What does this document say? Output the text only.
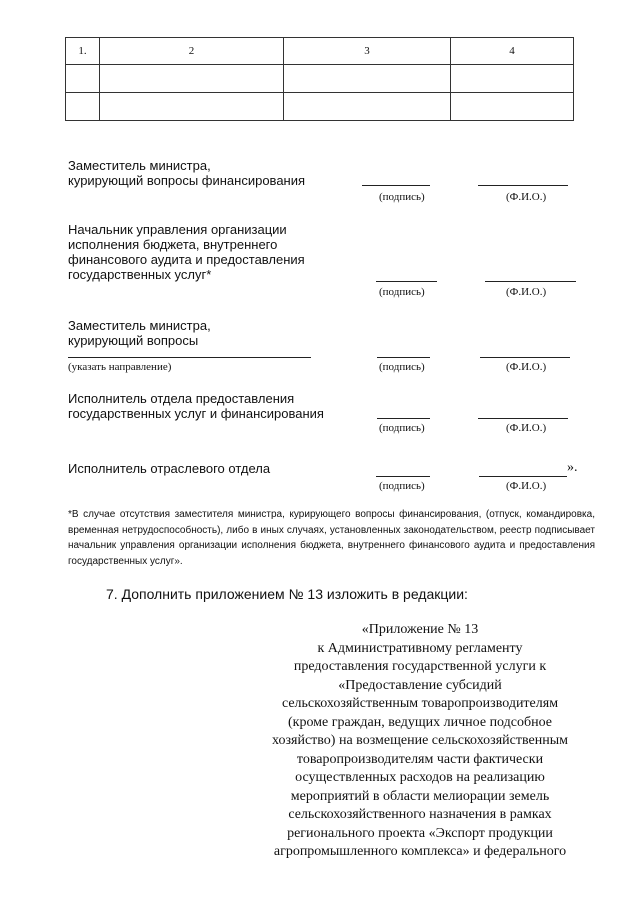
1.	2	3	4

Заместитель министра,
курирующий вопросы финансирования
(подпись)	(Ф.И.О.)
Начальник управления организации
исполнения бюджета, внутреннего
финансового аудита и предоставления
государственных услуг*
(подпись)	(Ф.И.О.)
Заместитель министра,
курирующий вопросы
(указать направление)	(подпись)	(Ф.И.О.)
Исполнитель отдела предоставления
государственных услуг и финансирования
(подпись)	(Ф.И.О.)
Исполнитель отраслевого отдела	».
(подпись)	(Ф.И.О.)
*В случае отсутствия заместителя министра, курирующего вопросы финансирования, (отпуск, командировка, временная нетрудоспособность), либо в иных случаях, установленных законодательством, реестр подписывает начальник управления организации исполнения бюджета, внутреннего финансового аудита и предоставления государственных услуг».
7. Дополнить приложением № 13 изложить в редакции:
«Приложение № 13
к Административному регламенту
предоставления государственной услуги к
«Предоставление субсидий
сельскохозяйственным товаропроизводителям
(кроме граждан, ведущих личное подсобное
хозяйство) на возмещение сельскохозяйственным
товаропроизводителям части фактически
осуществленных расходов на реализацию
мероприятий в области мелиорации земель
сельскохозяйственного назначения в рамках
регионального проекта «Экспорт продукции
агропромышленного комплекса» и федерального
